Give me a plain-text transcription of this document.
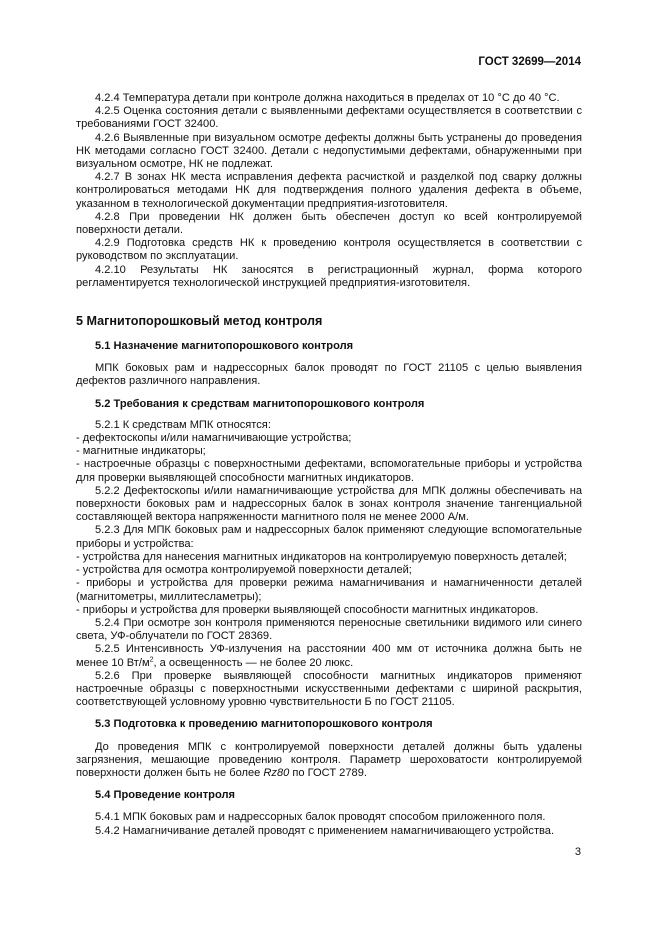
ГОСТ 32699—2014

4.2.4 Температура детали при контроле должна находиться в пределах от 10 °С до 40 °С.

4.2.5 Оценка состояния детали с выявленными дефектами осуществляется в соответствии с требованиями ГОСТ 32400.

4.2.6 Выявленные при визуальном осмотре дефекты должны быть устранены до проведения НК методами согласно ГОСТ 32400. Детали с недопустимыми дефектами, обнаруженными при визуальном осмотре, НК не подлежат.

4.2.7 В зонах НК места исправления дефекта расчисткой и разделкой под сварку должны контролироваться методами НК для подтверждения полного удаления дефекта в объеме, указанном в технологической документации предприятия-изготовителя.

4.2.8 При проведении НК должен быть обеспечен доступ ко всей контролируемой поверхности детали.

4.2.9 Подготовка средств НК к проведению контроля осуществляется в соответствии с руководством по эксплуатации.

4.2.10 Результаты НК заносятся в регистрационный журнал, форма которого регламентируется технологической инструкцией предприятия-изготовителя.

5 Магнитопорошковый метод контроля
5.1 Назначение магнитопорошкового контроля

МПК боковых рам и надрессорных балок проводят по ГОСТ 21105 с целью выявления дефектов различного направления.

5.2 Требования к средствам магнитопорошкового контроля

5.2.1 К средствам МПК относятся:

- дефектоскопы и/или намагничивающие устройства;

- магнитные индикаторы;

- настроечные образцы с поверхностными дефектами, вспомогательные приборы и устройства для проверки выявляющей способности магнитных индикаторов.

5.2.2 Дефектоскопы и/или намагничивающие устройства для МПК должны обеспечивать на поверхности боковых рам и надрессорных балок в зонах контроля значение тангенциальной составляющей вектора напряженности магнитного поля не менее 2000 А/м.

5.2.3 Для МПК боковых рам и надрессорных балок применяют следующие вспомогательные приборы и устройства:

- устройства для нанесения магнитных индикаторов на контролируемую поверхность деталей;

- устройства для осмотра контролируемой поверхности деталей;

- приборы и устройства для проверки режима намагничивания и намагниченности деталей (магнитометры, миллитесламетры);

- приборы и устройства для проверки выявляющей способности магнитных индикаторов.

5.2.4 При осмотре зон контроля применяются переносные светильники видимого или синего света, УФ-облучатели по ГОСТ 28369.

5.2.5 Интенсивность УФ-излучения на расстоянии 400 мм от источника должна быть не менее 10 $Вт/м^2$, а освещенность — не более 20 люкс.

5.2.6 При проверке выявляющей способности магнитных индикаторов применяют настроечные образцы с поверхностными искусственными дефектами с шириной раскрытия, соответствующей условному уровню чувствительности Б по ГОСТ 21105.

5.3 Подготовка к проведению магнитопорошкового контроля

До проведения МПК с контролируемой поверхности деталей должны быть удалены загрязнения, мешающие проведению контроля. Параметр шероховатости контролируемой поверхности должен быть не более Rz80 по ГОСТ 2789.

5.4 Проведение контроля

5.4.1 МПК боковых рам и надрессорных балок проводят способом приложенного поля.

5.4.2 Намагничивание деталей проводят с применением намагничивающего устройства.

3
